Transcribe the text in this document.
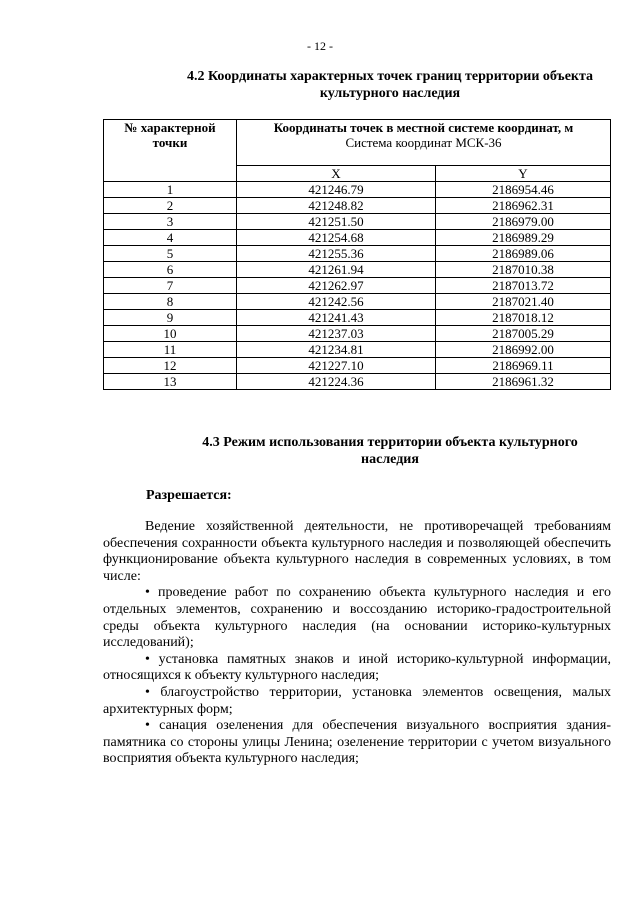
- 12 -
4.2 Координаты характерных точек границ территории объекта
культурного наследия
№ характерной точки	Координаты точек в местной системе координат, м
Система координат МСК-36	

	X	Y
1	421246.79	2186954.46
2	421248.82	2186962.31
3	421251.50	2186979.00
4	421254.68	2186989.29
5	421255.36	2186989.06
6	421261.94	2187010.38
7	421262.97	2187013.72
8	421242.56	2187021.40
9	421241.43	2187018.12
10	421237.03	2187005.29
11	421234.81	2186992.00
12	421227.10	2186969.11
13	421224.36	2186961.32
4.3 Режим использования территории объекта культурного
наследия
Разрешается:

Ведение хозяйственной деятельности, не противоречащей требованиям обеспечения сохранности объекта культурного наследия и позволяющей обеспечить функционирование объекта культурного наследия в современных условиях, в том числе:

• проведение работ по сохранению объекта культурного наследия и его отдельных элементов, сохранению и воссозданию историко-градостроительной среды объекта культурного наследия (на основании историко-культурных исследований);

• установка памятных знаков и иной историко-культурной информации, относящихся к объекту культурного наследия;

• благоустройство территории, установка элементов освещения, малых архитектурных форм;

• санация озеленения для обеспечения визуального восприятия здания-памятника со стороны улицы Ленина; озеленение территории с учетом визуального восприятия объекта культурного наследия;
